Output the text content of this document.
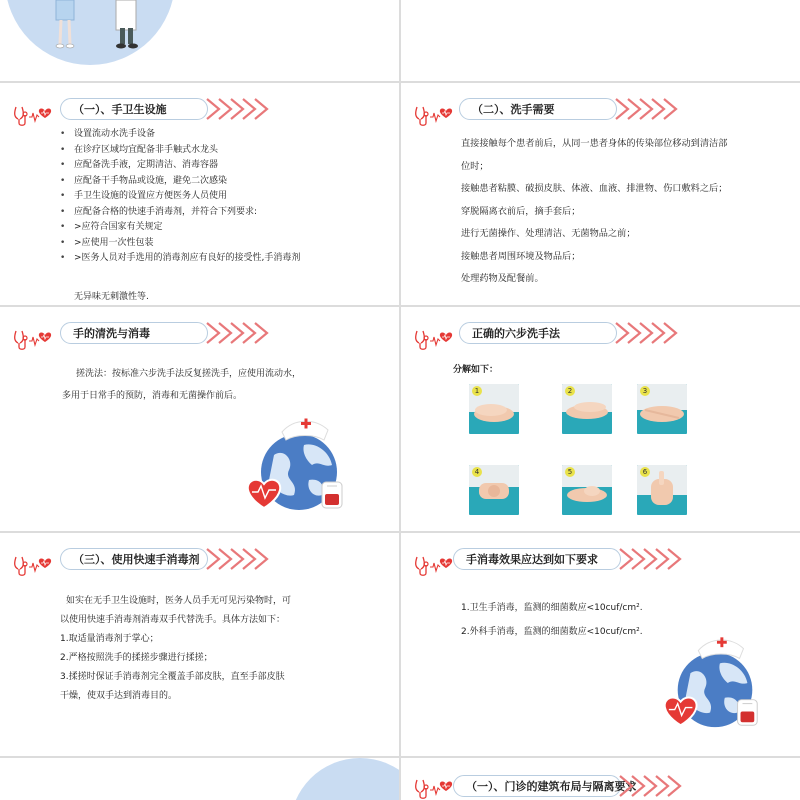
（一）、手卫生设施
• 设置流动水洗手设备
• 在诊疗区域均宜配备非手触式水龙头
• 应配备洗手液，定期清洁、消毒容器
• 应配备干手物品或设施，避免二次感染
• 手卫生设施的设置应方便医务人员使用
• 应配备合格的快速手消毒剂，并符合下列要求:
• >应符合国家有关规定
• >应使用一次性包装
• >医务人员对手选用的消毒剂应有良好的接受性,手消毒剂
无异味无刺激性等.
（二）、洗手需要
直接接触每个患者前后，从同一患者身体的传染部位移动到清洁部
位时；
接触患者粘膜、破损皮肤、体液、血液、排泄物、伤口敷料之后；
穿脱隔离衣前后，摘手套后；
进行无菌操作、处理清洁、无菌物品之前；
接触患者周围环境及物品后；
处理药物及配餐前。
手的清洗与消毒
搓洗法：按标准六步洗手法反复搓洗手，应使用流动水，
多用于日常手的预防，消毒和无菌操作前后。
正确的六步洗手法
分解如下：
1	2	3
4	5	6
（三）、使用快速手消毒剂
如实在无手卫生设施时，医务人员手无可见污染物时，可
以使用快速手消毒剂消毒双手代替洗手。具体方法如下：
1.取适量消毒剂于掌心；
2.严格按照洗手的揉搓步骤进行揉搓；
3.揉搓时保证手消毒剂完全覆盖手部皮肤，直至手部皮肤
干燥，使双手达到消毒目的。
手消毒效果应达到如下要求
1.卫生手消毒，监测的细菌数应<10cuf/cm².
2.外科手消毒，监测的细菌数应<10cuf/cm².
（一）、门诊的建筑布局与隔离要求
